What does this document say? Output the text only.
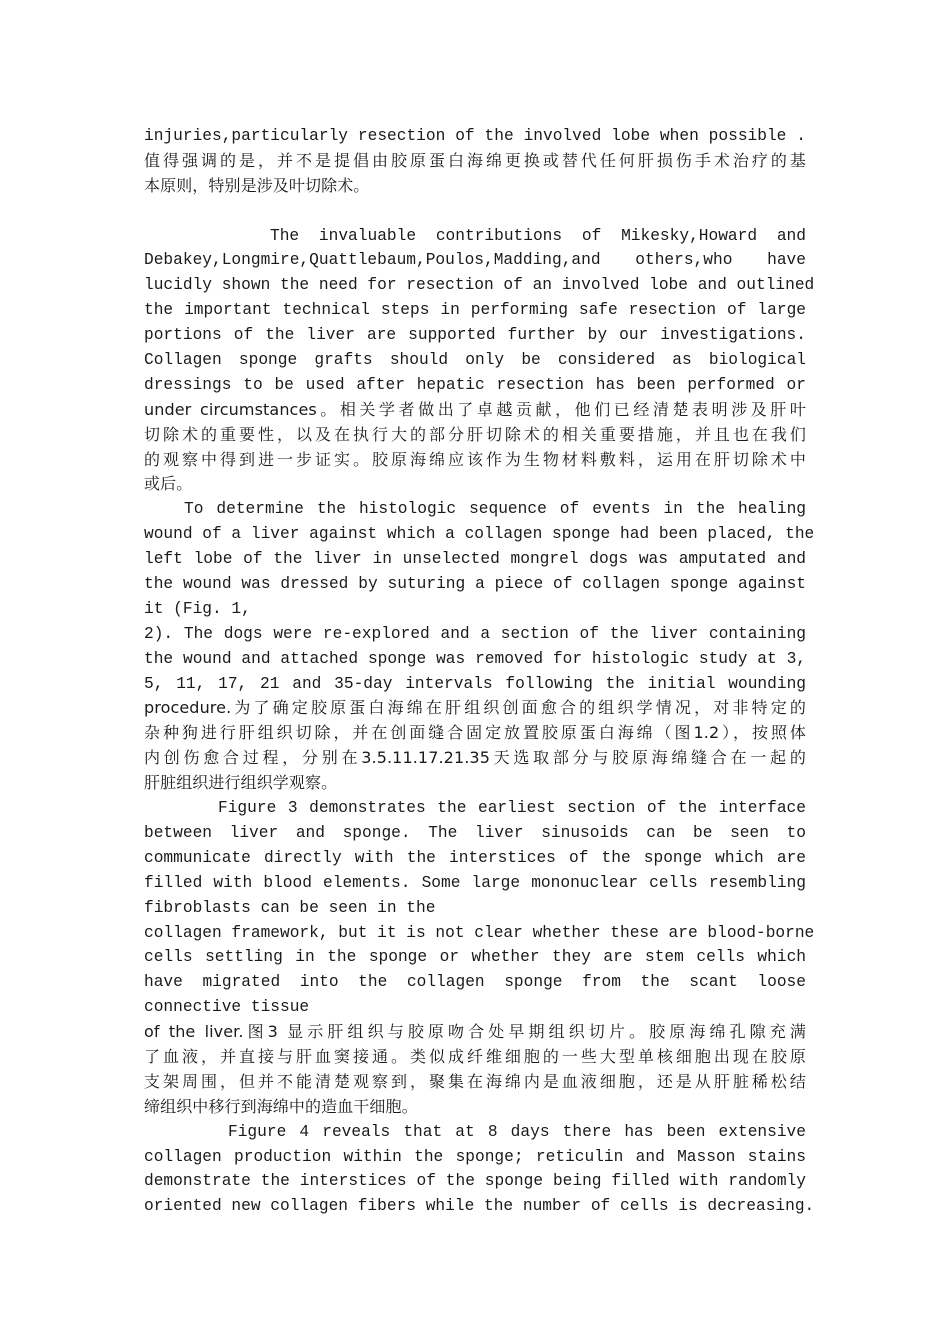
injuries,particularly resection of the involved lobe when possible .
值得强调的是，并不是提倡由胶原蛋白海绵更换或替代任何肝损伤手术治疗的基
本原则，特别是涉及叶切除术。
The invaluable contributions of Mikesky,Howard and
Debakey,Longmire,Quattlebaum,Poulos,Madding,and others,who have
lucidly shown the need for resection of an involved lobe and outlined
the important technical steps in performing safe resection of large
portions of the liver are supported further by our investigations.
Collagen sponge grafts should only be considered as biological
dressings to be used after hepatic resection has been performed or
under circumstances。相关学者做出了卓越贡献，他们已经清楚表明涉及肝叶
切除术的重要性，以及在执行大的部分肝切除术的相关重要措施，并且也在我们
的观察中得到进一步证实。胶原海绵应该作为生物材料敷料，运用在肝切除术中
或后。
To determine the histologic sequence of events in the healing
wound of a liver against which a collagen sponge had been placed, the
left lobe of the liver in unselected mongrel dogs was amputated and
the wound was dressed by suturing a piece of collagen sponge against
it (Fig. 1,
2). The dogs were re-explored and a section of the liver containing
the wound and attached sponge was removed for histologic study at 3,
5, 11, 17, 21 and 35-day intervals following the initial wounding
procedure.为了确定胶原蛋白海绵在肝组织创面愈合的组织学情况，对非特定的
杂种狗进行肝组织切除，并在创面缝合固定放置胶原蛋白海绵（图1.2），按照体
内创伤愈合过程，分别在3.5.11.17.21.35天选取部分与胶原海绵缝合在一起的
肝脏组织进行组织学观察。
Figure 3 demonstrates the earliest section of the interface
between liver and sponge. The liver sinusoids can be seen to
communicate directly with the interstices of the sponge which are
filled with blood elements. Some large mononuclear cells resembling
fibroblasts can be seen in the
collagen framework, but it is not clear whether these are blood-borne
cells settling in the sponge or whether they are stem cells which
have migrated into the collagen sponge from the scant loose
connective tissue
of the liver.图3 显示肝组织与胶原吻合处早期组织切片。胶原海绵孔隙充满
了血液，并直接与肝血窦接通。类似成纤维细胞的一些大型单核细胞出现在胶原
支架周围，但并不能清楚观察到，聚集在海绵内是血液细胞，还是从肝脏稀松结
缔组织中移行到海绵中的造血干细胞。
Figure 4 reveals that at 8 days there has been extensive
collagen production within the sponge; reticulin and Masson stains
demonstrate the interstices of the sponge being filled with randomly
oriented new collagen fibers while the number of cells is decreasing.
